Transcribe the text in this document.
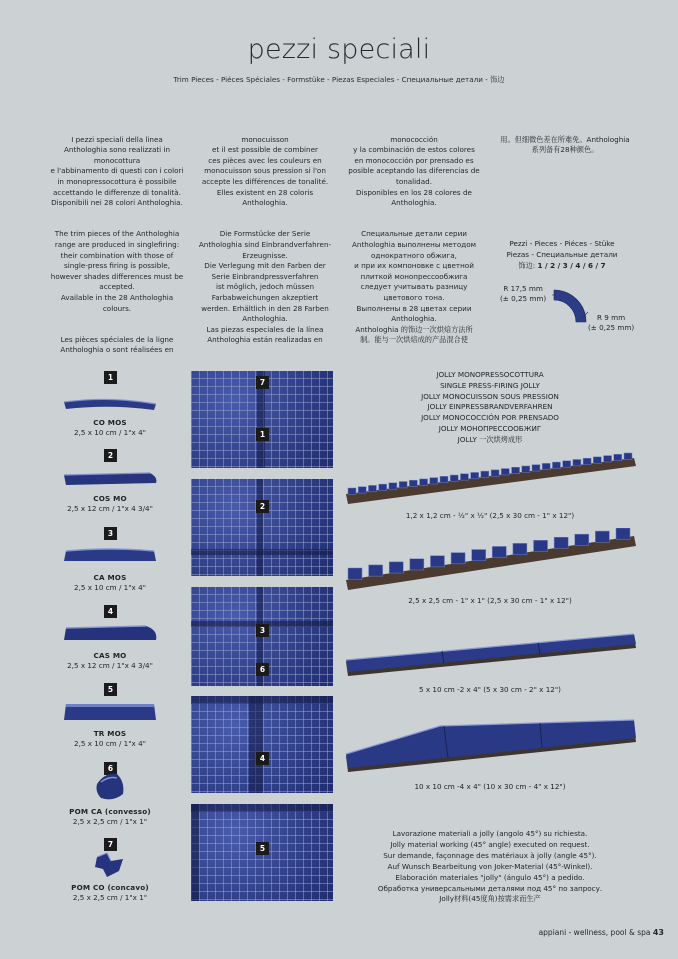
pezzi speciali
Trim Pieces - Piéces Spéciales - Formstüke - Piezas Especiales - Специальные детали - 饰边

I pezzi speciali della linea
Anthologhia sono realizzati in
monocottura
e l'abbinamento di questi con i colori
in monopressocottura è possibile
accettando le differenze di tonalità.
Disponibili nei 28 colori Anthologhia.

The trim pieces of the Anthologhia
range are produced in singlefiring:
their combination with those of
single-press firing is possible,
however shades differences must be
accepted.
Available in the 28 Anthologhia
colours.

Les pièces spéciales de la ligne
Anthologhia o sont réalisées en

monocuisson
et il est possible de combiner
ces pièces avec les couleurs en
monocuisson sous pression si l'on
accepte les différences de tonalité.
Elles existent en 28 coloris
Anthologhia.

Die Formstücke der Serie
Anthologhia sind Einbrandverfahren-
Erzeugnisse.
Die Verlegung mit den Farben der
Serie Einbrandpressverfahren
ist möglich, jedoch müssen
Farbabweichungen akzeptiert
werden. Erhältlich in den 28 Farben
Anthologhia.
Las piezas especiales de la línea
Anthologhia están realizadas en

monococción
y la combinación de estos colores
en monococción por prensado es
posible aceptando las diferencias de
tonalidad.
Disponibles en los 28 colores de
Anthologhia.

Специальные детали серии
Anthologhia выполнены методом
однократного обжига,
и при их компоновке с цветной
плиткой монопрессообжига
следует учитывать разницу
цветового тона.
Выполнены в 28 цветах серии
Anthologhia.
Anthologhia 的饰边一次烘焙方法所
制。能与一次烘焙成的产品混合使

用。但细微色差在所难免。Anthologhia
系列备有28种颜色。

Pezzi - Pieces - Piéces - Stüke
Piezas - Специальные детали
饰边: 1 / 2 / 3 / 4 / 6 / 7
R 17,5 mm
(± 0,25 mm)
R 9 mm
(± 0,25 mm)
1
CO MOS
2,5 x 10 cm / 1"x 4"
2
COS MO
2,5 x 12 cm / 1"x 4 3/4"
3
CA MOS
2,5 x 10 cm / 1"x 4"
4
CAS MO
2,5 x 12 cm / 1"x 4 3/4"
5
TR MOS
2,5 x 10 cm / 1"x 4"
6
POM CA (convesso)
2,5 x 2,5 cm / 1"x 1"
7
POM CO (concavo)
2,5 x 2,5 cm / 1"x 1"
7
1
2
3
6
4
5
JOLLY MONOPRESSOCOTTURA
SINGLE PRESS-FIRING JOLLY
JOLLY MONOCUISSON SOUS PRESSION
JOLLY EINPRESSBRANDVERFAHREN
JOLLY MONOCOCCIÓN POR PRENSADO
JOLLY МОНОПРЕССООБЖИГ
JOLLY 一次烘烤成形
1,2 x 1,2 cm - ½" x ½" (2,5 x 30 cm - 1" x 12")
2,5 x 2,5 cm - 1" x 1" (2,5 x 30 cm - 1" x 12")
5 x 10 cm -2 x 4" (5 x 30 cm - 2" x 12")
10 x 10 cm -4 x 4" (10 x 30 cm - 4" x 12")
Lavorazione materiali a jolly (angolo 45°) su richiesta.
Jolly material working (45° angle) executed on request.
Sur demande, façonnage des matériaux à jolly (angle 45°).
Auf Wunsch Bearbeitung von Joker-Material (45°-Winkel).
Elaboración materiales "jolly" (ángulo 45°) a pedido.
Обработка универсальными деталями под 45° по запросу.
Jolly材料(45度角)按需求而生产
appiani - wellness, pool & spa 43
